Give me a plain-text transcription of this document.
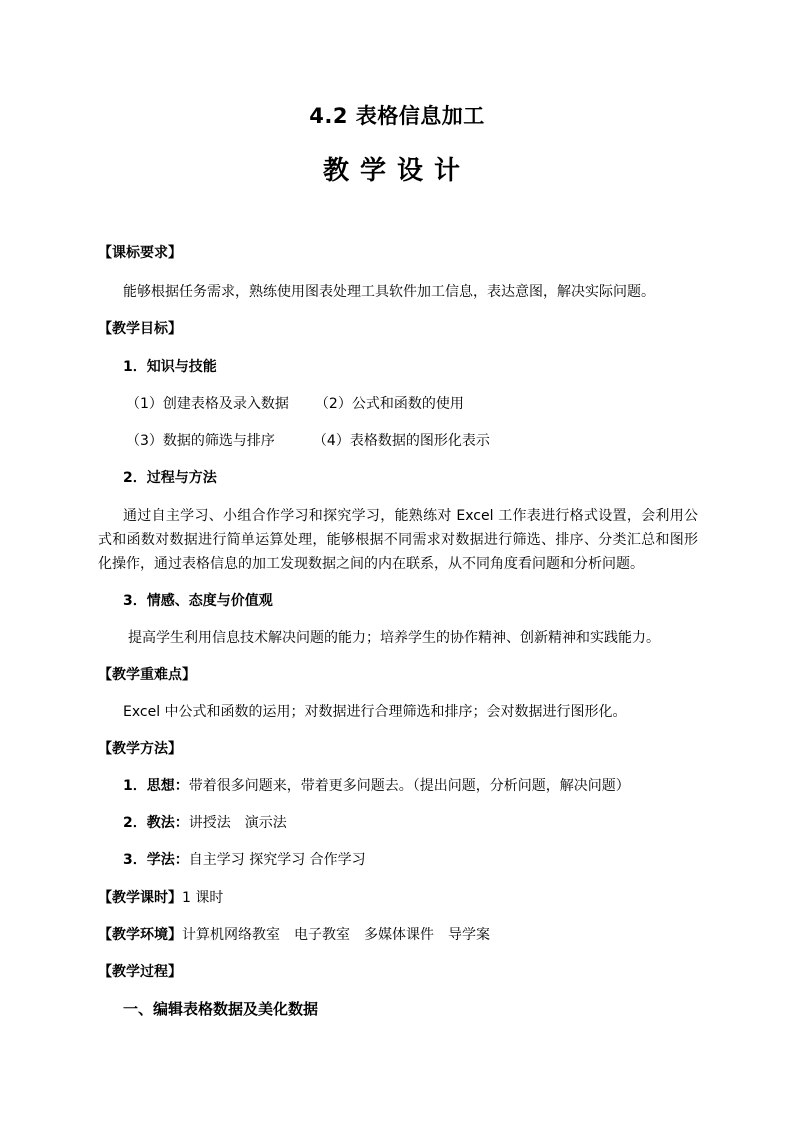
4.2 表格信息加工
教学设计
【课标要求】
能够根据任务需求，熟练使用图表处理工具软件加工信息，表达意图，解决实际问题。
【教学目标】
1．知识与技能
（1）创建表格及录入数据 （2）公式和函数的使用
（3）数据的筛选与排序	（4）表格数据的图形化表示
2．过程与方法
通过自主学习、小组合作学习和探究学习，能熟练对 Excel 工作表进行格式设置，会利用公式和函数对数据进行简单运算处理，能够根据不同需求对数据进行筛选、排序、分类汇总和图形化操作，通过表格信息的加工发现数据之间的内在联系，从不同角度看问题和分析问题。
3．情感、态度与价值观
提高学生利用信息技术解决问题的能力；培养学生的协作精神、创新精神和实践能力。
【教学重难点】
Excel 中公式和函数的运用；对数据进行合理筛选和排序；会对数据进行图形化。
【教学方法】
1．思想：带着很多问题来，带着更多问题去。（提出问题，分析问题，解决问题）
2．教法：讲授法　演示法
3．学法：自主学习 探究学习 合作学习
【教学课时】1 课时
【教学环境】计算机网络教室　电子教室　多媒体课件　导学案
【教学过程】
一、编辑表格数据及美化数据
